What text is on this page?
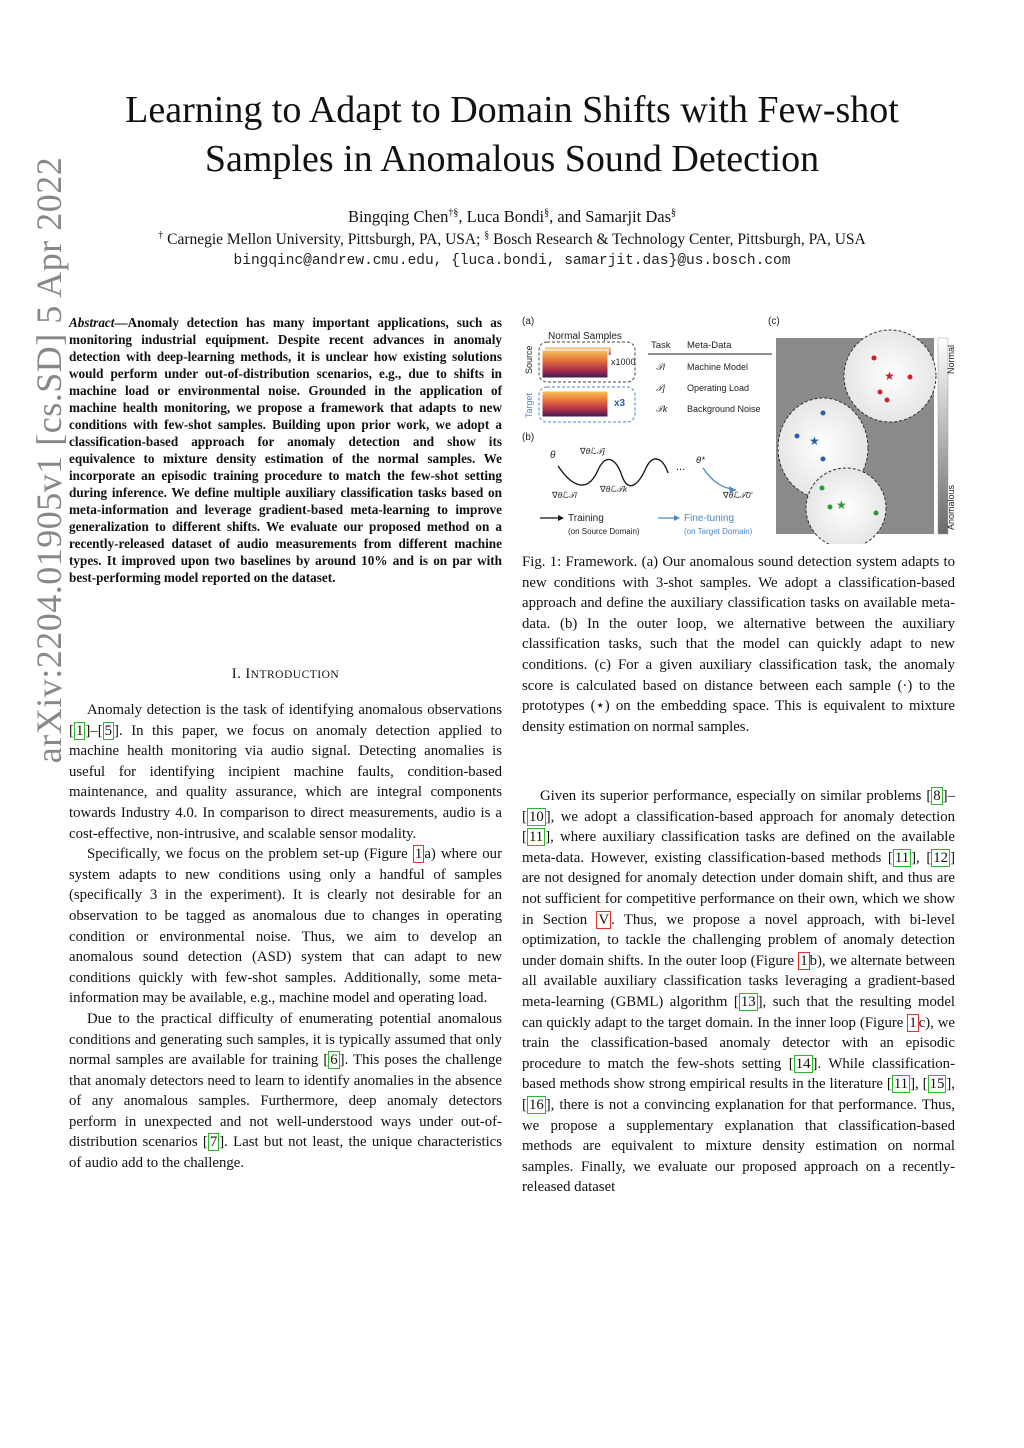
Learning to Adapt to Domain Shifts with Few-shot Samples in Anomalous Sound Detection
Bingqing Chen†§, Luca Bondi§, and Samarjit Das§
† Carnegie Mellon University, Pittsburgh, PA, USA; § Bosch Research & Technology Center, Pittsburgh, PA, USA
bingqinc@andrew.cmu.edu, {luca.bondi, samarjit.das}@us.bosch.com
arXiv:2204.01905v1 [cs.SD] 5 Apr 2022 Abstract—Anomaly detection has many important applications, such as monitoring industrial equipment. Despite recent advances in anomaly detection with deep-learning methods, it is unclear how existing solutions would perform under out-of-distribution scenarios, e.g., due to shifts in machine load or environmental noise. Grounded in the application of machine health monitoring, we propose a framework that adapts to new conditions with few-shot samples. Building upon prior work, we adopt a classification-based approach for anomaly detection and show its equivalence to mixture density estimation of the normal samples. We incorporate an episodic training procedure to match the few-shot setting during inference. We define multiple auxiliary classification tasks based on meta-information and leverage gradient-based meta-learning to improve generalization to different shifts. We evaluate our proposed method on a recently-released dataset of audio measurements from different machine types. It improved upon two baselines by around 10% and is on par with best-performing model reported on the dataset.
I. INTRODUCTION

Anomaly detection is the task of identifying anomalous observations [ 1 ]–[ 5 ]. In this paper, we focus on anomaly detection applied to machine health monitoring via audio signal. Detecting anomalies is useful for identifying incipient machine faults, condition-based maintenance, and quality assurance, which are integral components towards Industry 4.0. In comparison to direct measurements, audio is a cost-effective, non-intrusive, and scalable sensor modality.

Specifically, we focus on the problem set-up (Figure 1 a) where our system adapts to new conditions using only a handful of samples (specifically 3 in the experiment). It is clearly not desirable for an observation to be tagged as anomalous due to changes in operating condition or environmental noise. Thus, we aim to develop an anomalous sound detection (ASD) system that can adapt to new conditions quickly with few-shot samples. Additionally, some meta-information may be available, e.g., machine model and operating load.

Due to the practical difficulty of enumerating potential anomalous conditions and generating such samples, it is typically assumed that only normal samples are available for training [ 6 ]. This poses the challenge that anomaly detectors need to learn to identify anomalies in the absence of any anomalous samples. Furthermore, deep anomaly detectors perform in unexpected and not well-understood ways under out-of-distribution scenarios [ 7 ]. Last but not least, the unique characteristics of audio add to the challenge.

(a)
(b)
(c)
Normal Samples
Source	x1000
Target	x3
Task Meta-Data
𝒯i Machine Model
𝒯j Operating Load
𝒯k Background Noise
θ	∇θℒ𝒯j
∇θℒ𝒯i
∇θℒ𝒯k
...
θ*
∇θℒ𝒯0'
Training
(on Source Domain)
Fine-tuning
(on Target Domain)
★
★
★
Normal
Anomalous
Fig. 1: Framework. (a) Our anomalous sound detection system adapts to new conditions with 3-shot samples. We adopt a classification-based approach and define the auxiliary classification tasks on available meta-data. (b) In the outer loop, we alternative between the auxiliary classification tasks, such that the model can quickly adapt to new conditions. (c) For a given auxiliary classification task, the anomaly score is calculated based on distance between each sample (·) to the prototypes (⋆) on the embedding space. This is equivalent to mixture density estimation on normal samples.

Given its superior performance, especially on similar problems [ 8 ]–[ 10 ], we adopt a classification-based approach for anomaly detection [ 11 ], where auxiliary classification tasks are defined on the available meta-data. However, existing classification-based methods [ 11 ], [ 12 ] are not designed for anomaly detection under domain shift, and thus are not sufficient for competitive performance on their own, which we show in Section V . Thus, we propose a novel approach, with bi-level optimization, to tackle the challenging problem of anomaly detection under domain shifts. In the outer loop (Figure 1 b), we alternate between all available auxiliary classification tasks leveraging a gradient-based meta-learning (GBML) algorithm [ 13 ], such that the resulting model can quickly adapt to the target domain. In the inner loop (Figure 1 c), we train the classification-based anomaly detector with an episodic procedure to match the few-shots setting [ 14 ]. While classification-based methods show strong empirical results in the literature [ 11 ], [ 15 ], [ 16 ], there is not a convincing explanation for that performance. Thus, we propose a supplementary explanation that classification-based methods are equivalent to mixture density estimation on normal samples. Finally, we evaluate our proposed approach on a recently-released dataset
